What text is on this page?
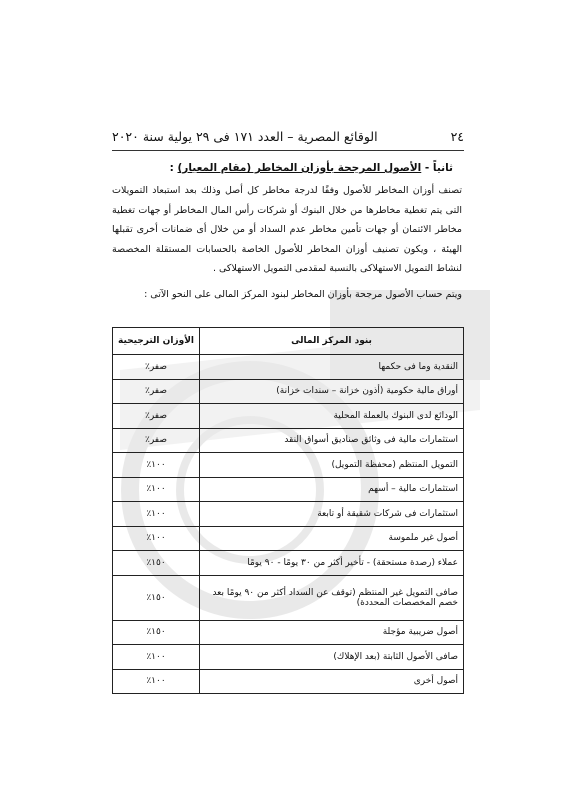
٢٤
الوقائع المصرية – العدد ١٧١ فى ٢٩ يولية سنة ٢٠٢٠
ثانياً - الأصول المرجحة بأوزان المخاطر (مقام المعيار) :
تصنف أوزان المخاطر للأصول وفقًا لدرجة مخاطر كل أصل وذلك بعد استبعاد التمويلات التى يتم تغطية مخاطرها من خلال البنوك أو شركات رأس المال المخاطر أو جهات تغطية مخاطر الائتمان أو جهات تأمين مخاطر عدم السداد أو من خلال أى ضمانات أخرى تقبلها الهيئة ، ويكون تصنيف أوزان المخاطر للأصول الخاصة بالحسابات المستقلة المخصصة لنشاط التمويل الاستهلاكى بالنسبة لمقدمى التمويل الاستهلاكى .
ويتم حساب الأصول مرجحة بأوزان المخاطر لبنود المركز المالى على النحو الآتى :
بنود المركز المالى	الأوزان الترجيحية
النقدية وما فى حكمها	صفر٪
أوراق مالية حكومية (أذون خزانة – سندات خزانة)	صفر٪
الودائع لدى البنوك بالعملة المحلية	صفر٪
استثمارات مالية فى وثائق صناديق أسواق النقد	صفر٪
التمويل المنتظم (محفظة التمويل)	١٠٠٪
استثمارات مالية – أسهم	١٠٠٪
استثمارات فى شركات شقيقة أو تابعة	١٠٠٪
أصول غير ملموسة	١٠٠٪
عملاء (رصدة مستحقة) - تأخير أكثر من ٣٠ يومًا - ٩٠ يومًا	١٥٠٪
صافى التمويل غير المنتظم (توقف عن السداد أكثر من ٩٠ يومًا بعد خصم المخصصات المحددة)	١٥٠٪
أصول ضريبية مؤجلة	١٥٠٪
صافى الأصول الثابتة (بعد الإهلاك)	١٠٠٪
أصول أخرى	١٠٠٪
